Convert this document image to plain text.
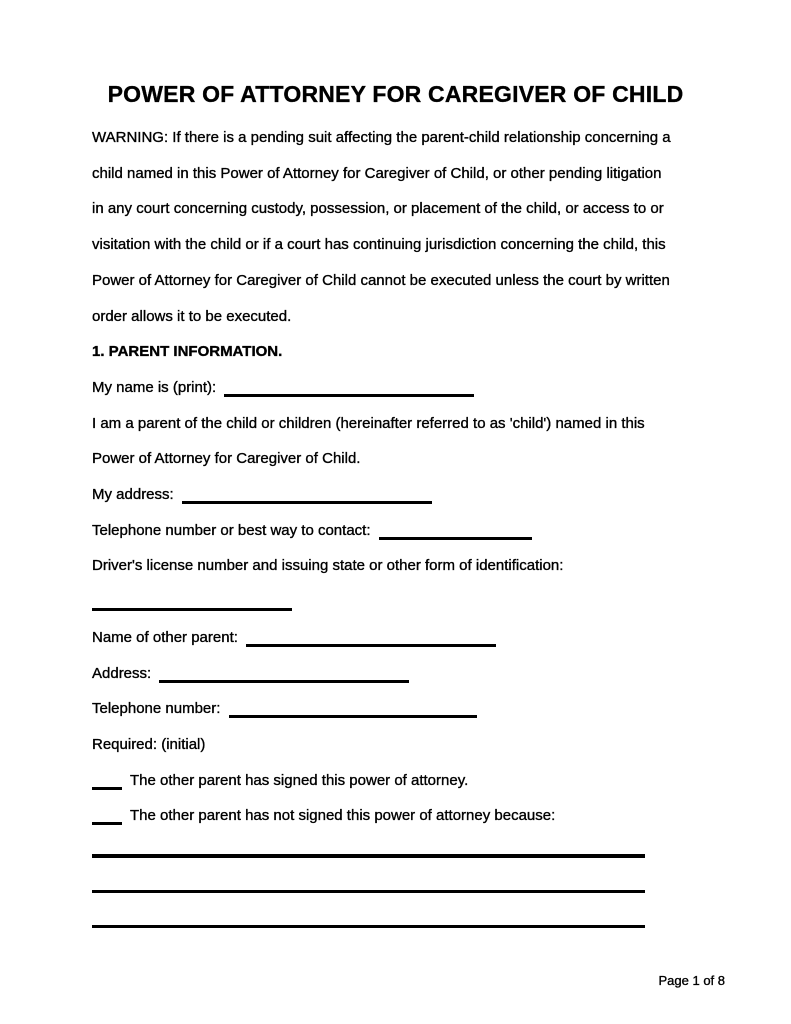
POWER OF ATTORNEY FOR CAREGIVER OF CHILD

WARNING: If there is a pending suit affecting the parent-child relationship concerning a

child named in this Power of Attorney for Caregiver of Child, or other pending litigation

in any court concerning custody, possession, or placement of the child, or access to or

visitation with the child or if a court has continuing jurisdiction concerning the child, this

Power of Attorney for Caregiver of Child cannot be executed unless the court by written

order allows it to be executed.

1. PARENT INFORMATION.

My name is (print):

I am a parent of the child or children (hereinafter referred to as 'child') named in this

Power of Attorney for Caregiver of Child.

My address:

Telephone number or best way to contact:

Driver's license number and issuing state or other form of identification:

Name of other parent:

Address:

Telephone number:

Required: (initial)

The other parent has signed this power of attorney.

The other parent has not signed this power of attorney because:

Page 1 of 8
